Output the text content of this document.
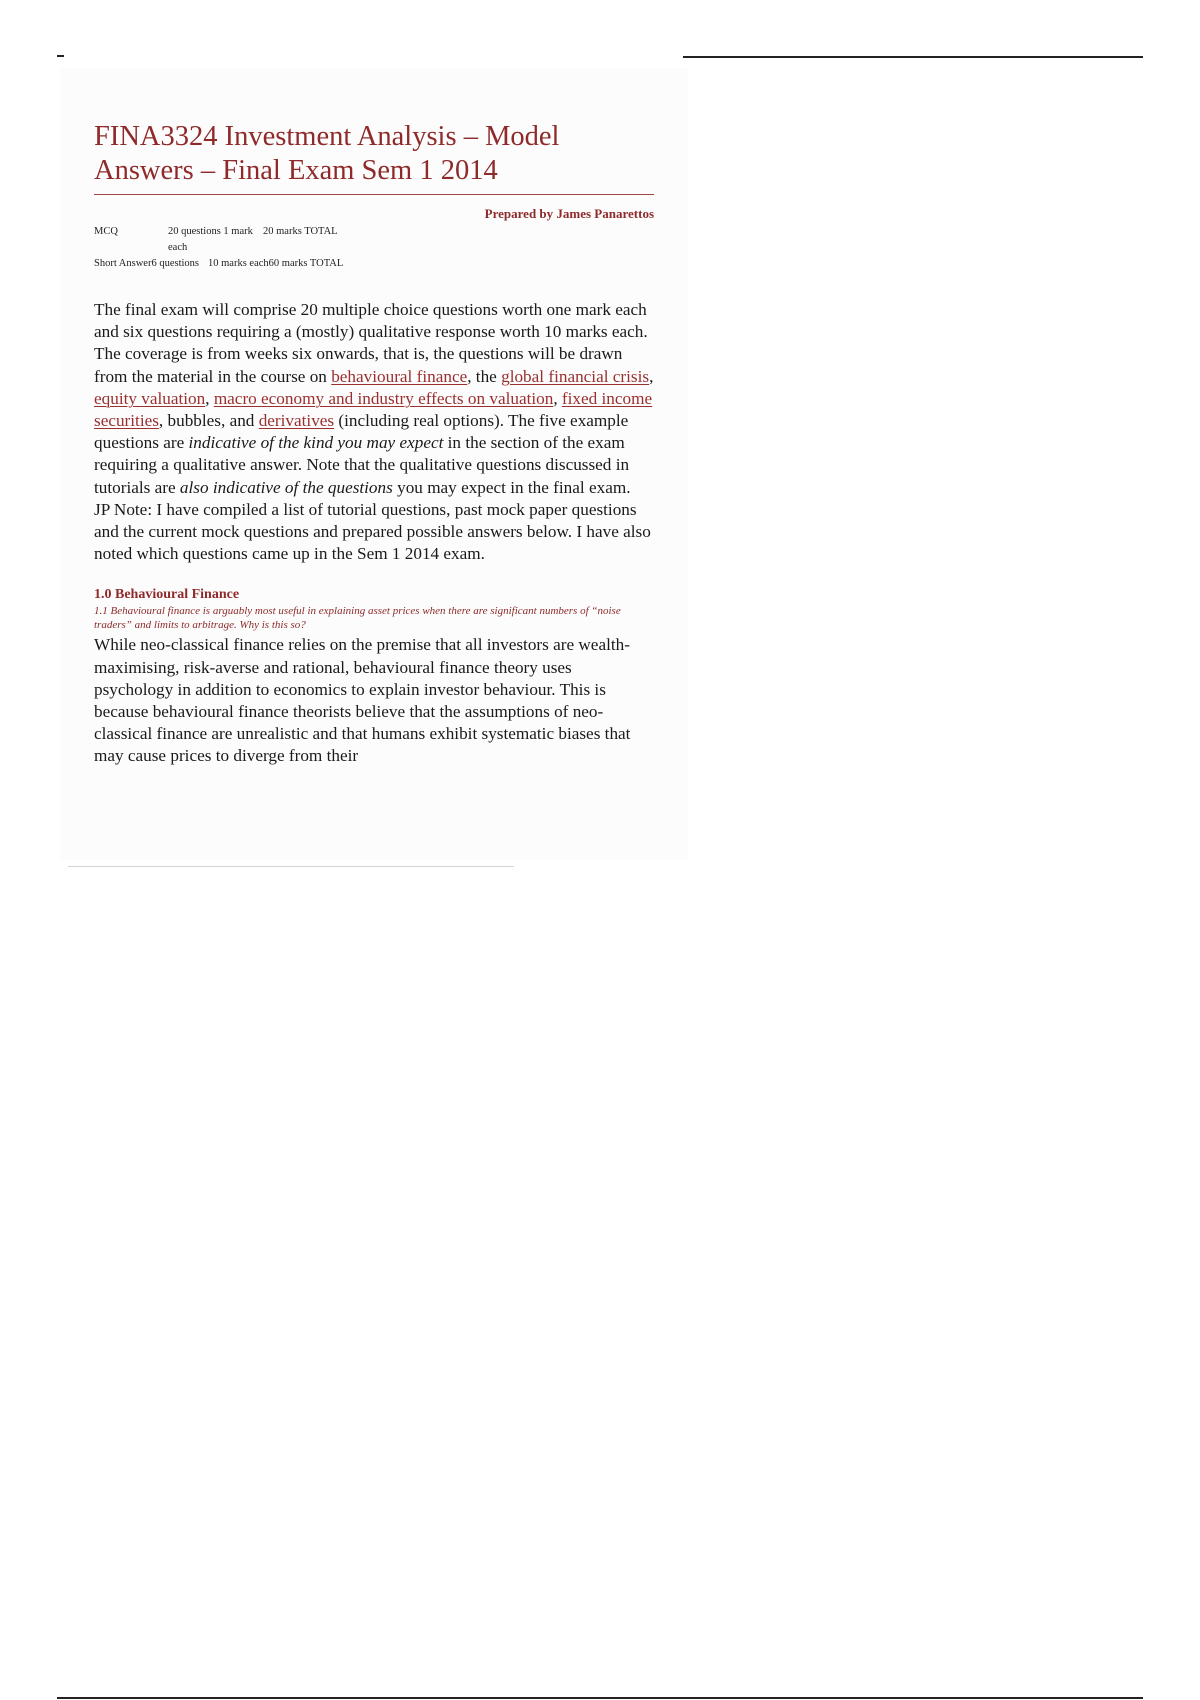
FINA3324 Investment Analysis – Model Answers – Final Exam Sem 1 2014
Prepared by James Panarettos
MCQ	20 questions 1 mark each
20 marks TOTAL
Short Answer 6 questions 10 marks each 60 marks TOTAL

The final exam will comprise 20 multiple choice questions worth one mark each and six questions requiring a (mostly) qualitative response worth 10 marks each. The coverage is from weeks six onwards, that is, the questions will be drawn from the material in the course on behavioural finance, the global financial crisis, equity valuation, macro economy and industry effects on valuation, fixed income securities, bubbles, and derivatives (including real options). The five example questions are indicative of the kind you may expect in the section of the exam requiring a qualitative answer. Note that the qualitative questions discussed in tutorials are also indicative of the questions you may expect in the final exam.

JP Note: I have compiled a list of tutorial questions, past mock paper questions and the current mock questions and prepared possible answers below. I have also noted which questions came up in the Sem 1 2014 exam.

1.0 Behavioural Finance
1.1 Behavioural finance is arguably most useful in explaining asset prices when there are significant numbers of “noise traders” and limits to arbitrage. Why is this so?

While neo-classical finance relies on the premise that all investors are wealth-maximising, risk-averse and rational, behavioural finance theory uses psychology in addition to economics to explain investor behaviour. This is because behavioural finance theorists believe that the assumptions of neo-classical finance are unrealistic and that humans exhibit systematic biases that may cause prices to diverge from their
